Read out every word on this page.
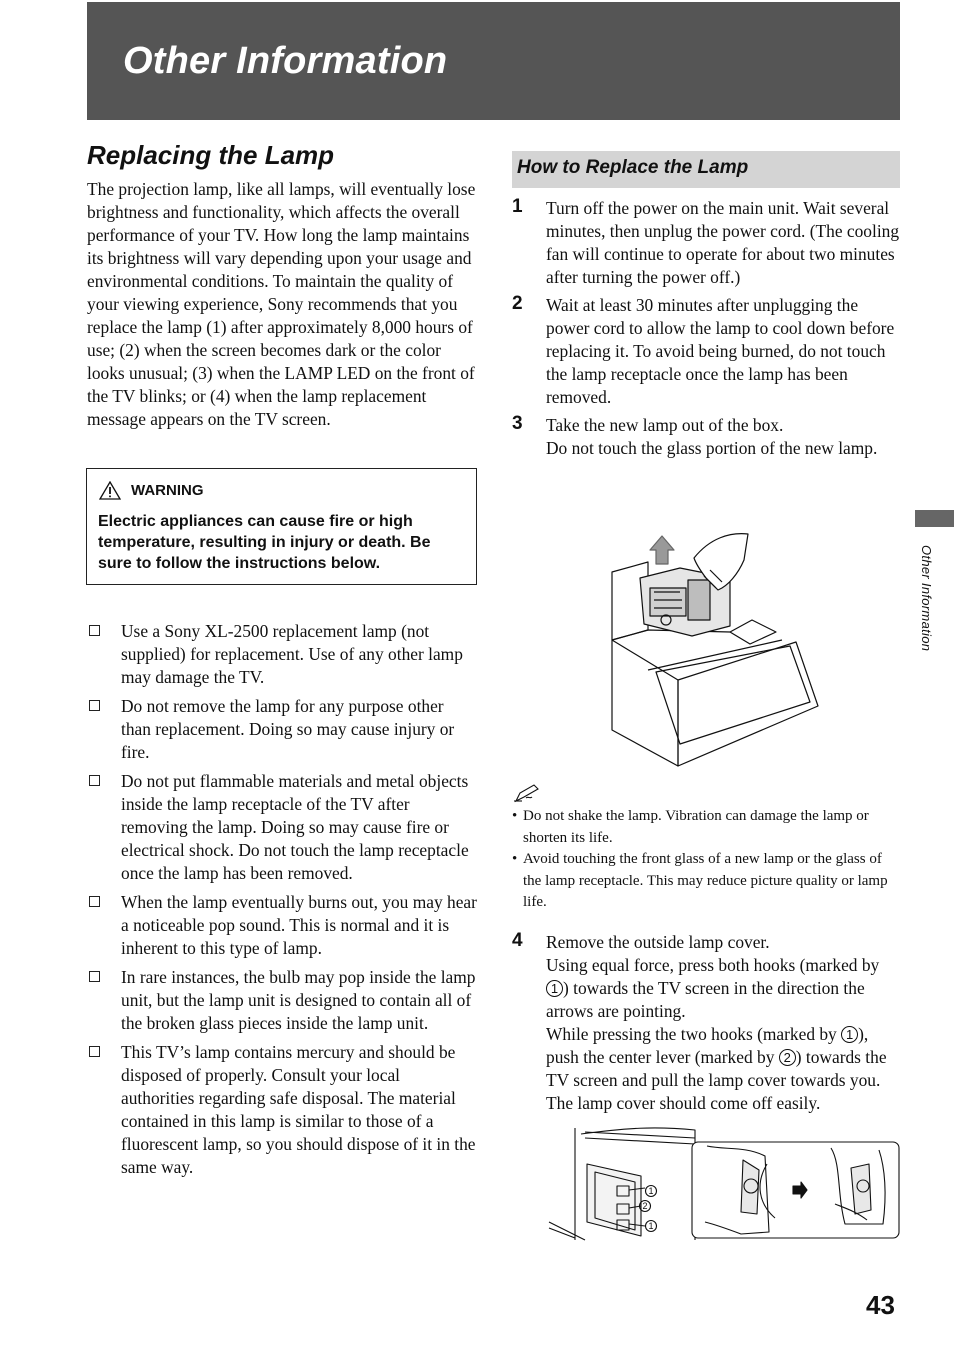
Other Information
Replacing the Lamp

The projection lamp, like all lamps, will eventually lose brightness and functionality, which affects the overall performance of your TV. How long the lamp maintains its brightness will vary depending upon your usage and environmental conditions. To maintain the quality of your viewing experience, Sony recommends that you replace the lamp (1) after approximately 8,000 hours of use; (2) when the screen becomes dark or the color looks unusual; (3) when the LAMP LED on the front of the TV blinks; or (4) when the lamp replacement message appears on the TV screen.

WARNING
Electric appliances can cause fire or high temperature, resulting in injury or death. Be sure to follow the instructions below.
Use a Sony XL-2500 replacement lamp (not supplied) for replacement. Use of any other lamp may damage the TV.
Do not remove the lamp for any purpose other than replacement. Doing so may cause injury or fire.
Do not put flammable materials and metal objects inside the lamp receptacle of the TV after removing the lamp. Doing so may cause fire or electrical shock. Do not touch the lamp receptacle once the lamp has been removed.
When the lamp eventually burns out, you may hear a noticeable pop sound. This is normal and it is inherent to this type of lamp.
In rare instances, the bulb may pop inside the lamp unit, but the lamp unit is designed to contain all of the broken glass pieces inside the lamp unit.
This TV’s lamp contains mercury and should be disposed of properly. Consult your local authorities regarding safe disposal. The material contained in this lamp is similar to those of a fluorescent lamp, so you should dispose of it in the same way.
How to Replace the Lamp
1 Turn off the power on the main unit. Wait several minutes, then unplug the power cord. (The cooling fan will continue to operate for about two minutes after turning the power off.)

2 Wait at least 30 minutes after unplugging the power cord to allow the lamp to cool down before replacing it. To avoid being burned, do not touch the lamp receptacle once the lamp has been removed.

3 Take the new lamp out of the box.

Do not touch the glass portion of the new lamp.

• Do not shake the lamp. Vibration can damage the lamp or shorten its life.
• Avoid touching the front glass of a new lamp or the glass of the lamp receptacle. This may reduce picture quality or lamp life.
4 Remove the outside lamp cover.

Using equal force, press both hooks (marked by 1 ) towards the TV screen in the direction the arrows are pointing.

While pressing the two hooks (marked by 1 ), push the center lever (marked by 2 ) towards the TV screen and pull the lamp cover towards you. The lamp cover should come off easily.

1
2
1
Other Information
43
